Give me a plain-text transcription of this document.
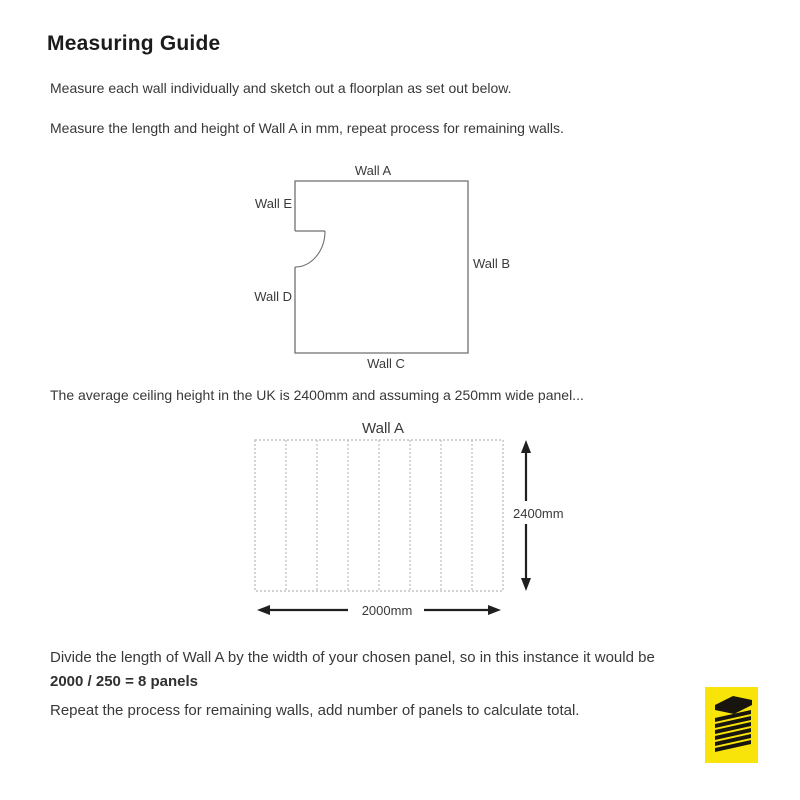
Measuring Guide
Measure each wall individually and sketch out a floorplan as set out below.
Measure the length and height of Wall A in mm, repeat process for remaining walls.
The average ceiling height in the UK is 2400mm and assuming a 250mm wide panel...
Divide the length of Wall A by the width of your chosen panel, so in this instance it would be
2000 / 250 = 8 panels
Repeat the process for remaining walls, add number of panels to calculate total.
Wall A
Wall B
Wall C
Wall D
Wall E
Wall A
2400mm
2000mm
